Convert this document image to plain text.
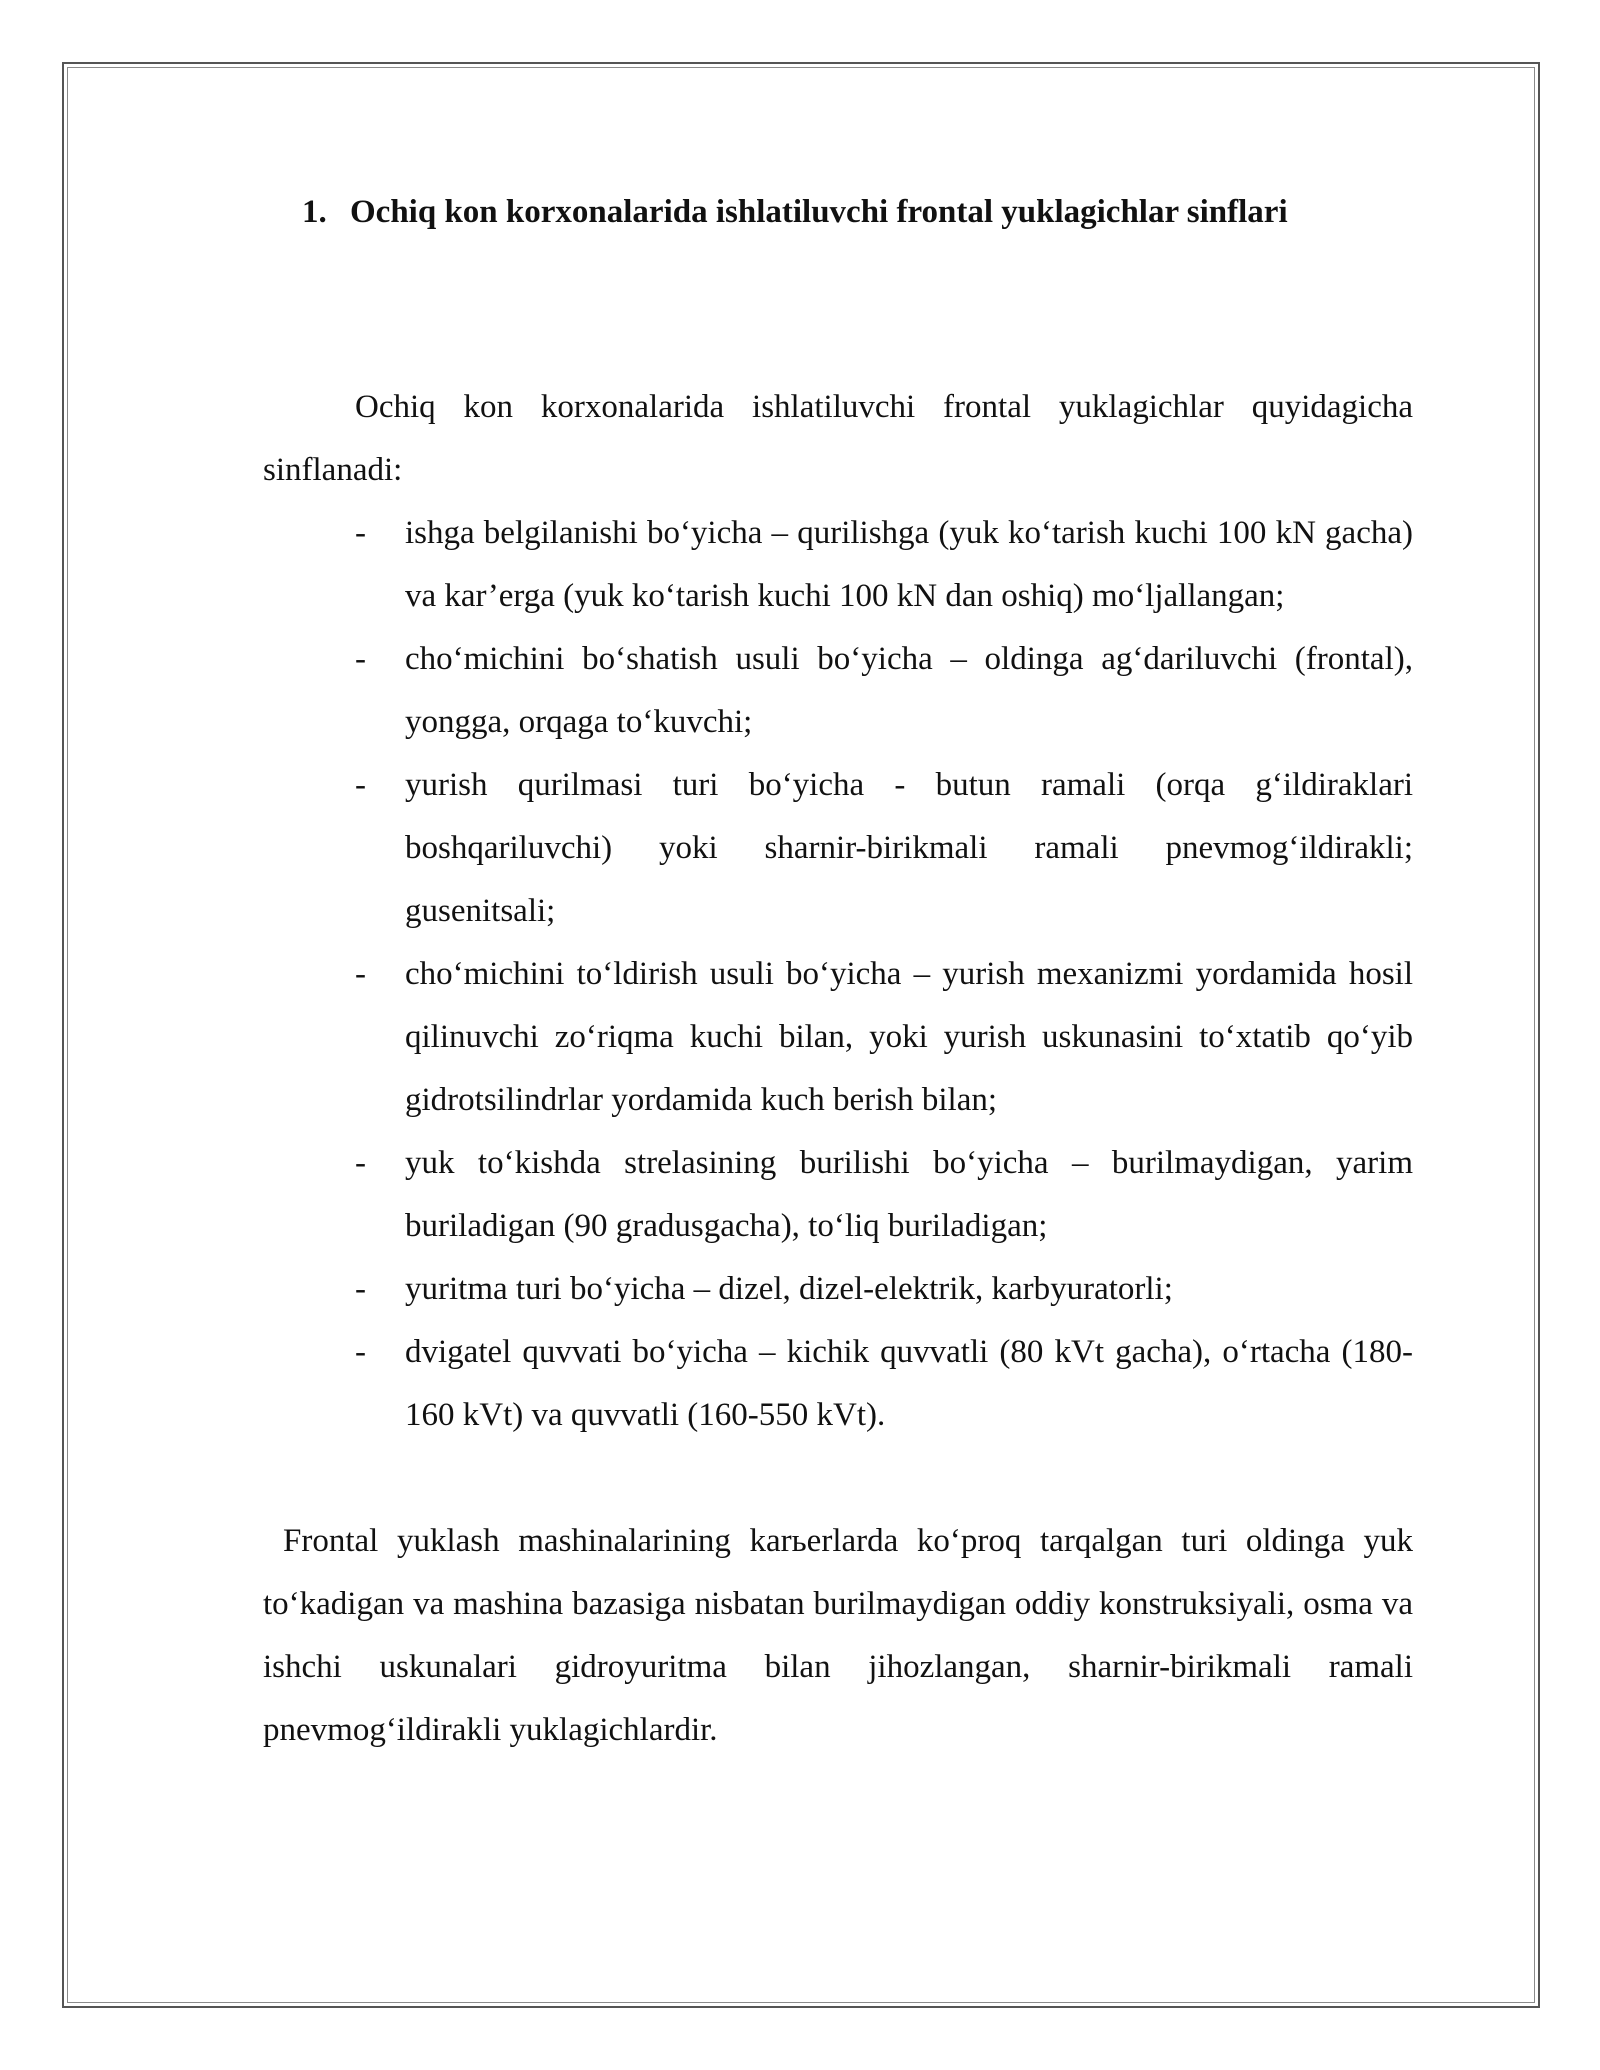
1. Ochiq kon korxonalarida ishlatiluvchi frontal yuklagichlar sinflari

Ochiq kon korxonalarida ishlatiluvchi frontal yuklagichlar quyidagicha sinflanadi:

- ishga belgilanishi bo‘yicha – qurilishga (yuk ko‘tarish kuchi 100 kN gacha) va kar’erga (yuk ko‘tarish kuchi 100 kN dan oshiq) mo‘ljallangan;
- cho‘michini bo‘shatish usuli bo‘yicha – oldinga ag‘dariluvchi (frontal), yongga, orqaga to‘kuvchi;
- yurish qurilmasi turi bo‘yicha - butun ramali (orqa g‘ildiraklari boshqariluvchi) yoki sharnir-birikmali ramali pnevmog‘ildirakli; gusenitsali;
- cho‘michini to‘ldirish usuli bo‘yicha – yurish mexanizmi yordamida hosil qilinuvchi zo‘riqma kuchi bilan, yoki yurish uskunasini to‘xtatib qo‘yib gidrotsilindrlar yordamida kuch berish bilan;
- yuk to‘kishda strelasining burilishi bo‘yicha – burilmaydigan, yarim buriladigan (90 gradusgacha), to‘liq buriladigan;
- yuritma turi bo‘yicha – dizel, dizel-elektrik, karbyuratorli;
- dvigatel quvvati bo‘yicha – kichik quvvatli (80 kVt gacha), o‘rtacha (180-160 kVt) va quvvatli (160-550 kVt).

Frontal yuklash mashinalarining karьerlarda ko‘proq tarqalgan turi oldinga yuk to‘kadigan va mashina bazasiga nisbatan burilmaydigan oddiy konstruksiyali, osma va ishchi uskunalari gidroyuritma bilan jihozlangan, sharnir-birikmali ramali pnevmog‘ildirakli yuklagichlardir.
